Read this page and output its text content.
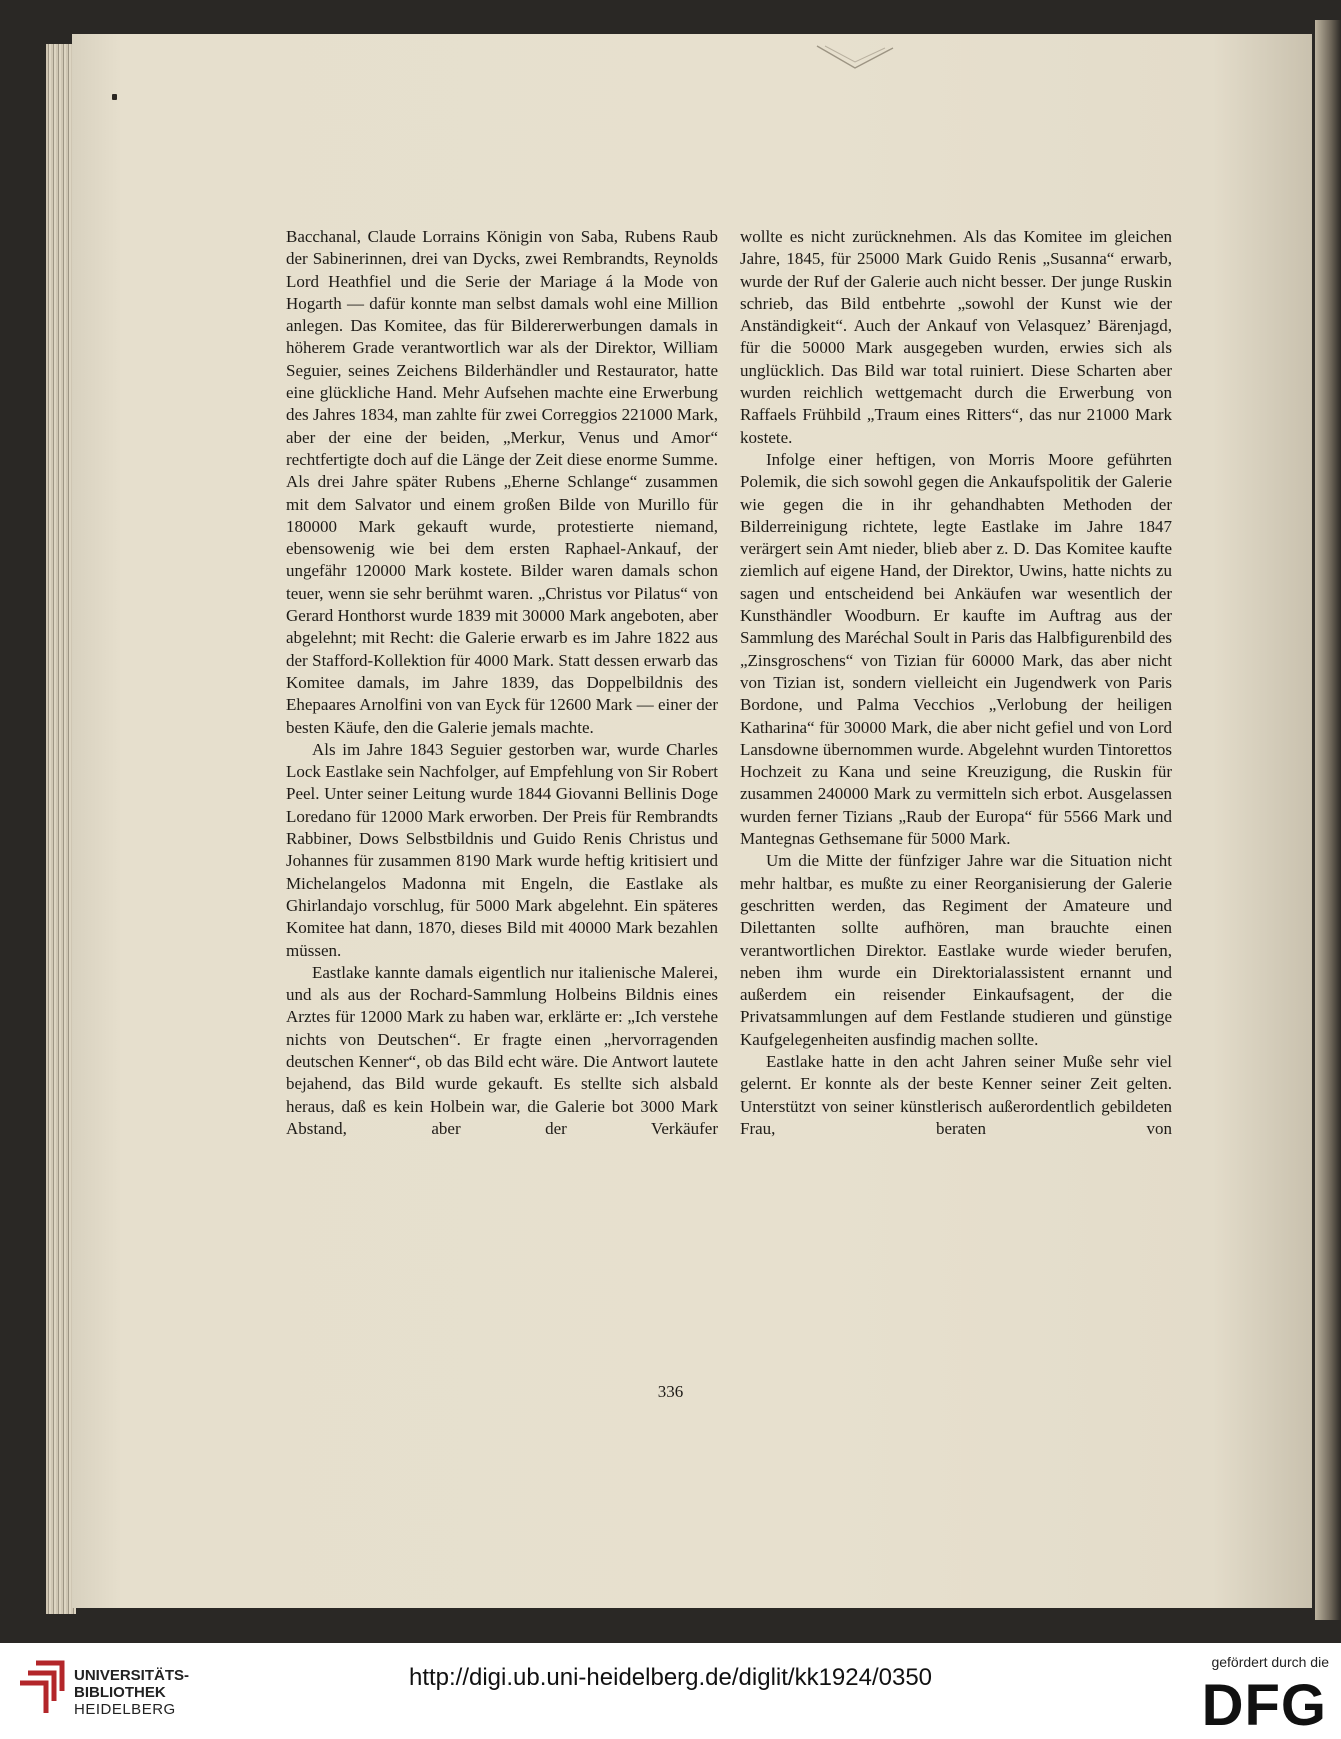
Bacchanal, Claude Lorrains Königin von Saba, Rubens Raub der Sabinerinnen, drei van Dycks, zwei Rembrandts, Reynolds Lord Heathfiel und die Serie der Mariage á la Mode von Hogarth — dafür konnte man selbst damals wohl eine Million anlegen. Das Komitee, das für Bildererwerbungen damals in höherem Grade verantwortlich war als der Direktor, William Seguier, seines Zeichens Bilderhändler und Restaurator, hatte eine glückliche Hand. Mehr Aufsehen machte eine Erwerbung des Jahres 1834, man zahlte für zwei Correggios 221000 Mark, aber der eine der beiden, „Merkur, Venus und Amor“ rechtfertigte doch auf die Länge der Zeit diese enorme Summe. Als drei Jahre später Rubens „Eherne Schlange“ zusammen mit dem Salvator und einem großen Bilde von Murillo für 180000 Mark gekauft wurde, protestierte niemand, ebensowenig wie bei dem ersten Raphael-Ankauf, der ungefähr 120000 Mark kostete. Bilder waren damals schon teuer, wenn sie sehr berühmt waren. „Christus vor Pilatus“ von Gerard Honthorst wurde 1839 mit 30000 Mark angeboten, aber abgelehnt; mit Recht: die Galerie erwarb es im Jahre 1822 aus der Stafford-Kollektion für 4000 Mark. Statt dessen erwarb das Komitee damals, im Jahre 1839, das Doppelbildnis des Ehepaares Arnolfini von van Eyck für 12600 Mark — einer der besten Käufe, den die Galerie jemals machte.

Als im Jahre 1843 Seguier gestorben war, wurde Charles Lock Eastlake sein Nachfolger, auf Empfehlung von Sir Robert Peel. Unter seiner Leitung wurde 1844 Giovanni Bellinis Doge Loredano für 12000 Mark erworben. Der Preis für Rembrandts Rabbiner, Dows Selbstbildnis und Guido Renis Christus und Johannes für zusammen 8190 Mark wurde heftig kritisiert und Michelangelos Madonna mit Engeln, die Eastlake als Ghirlandajo vorschlug, für 5000 Mark abgelehnt. Ein späteres Komitee hat dann, 1870, dieses Bild mit 40000 Mark bezahlen müssen.

Eastlake kannte damals eigentlich nur italienische Malerei, und als aus der Rochard-Sammlung Holbeins Bildnis eines Arztes für 12000 Mark zu haben war, erklärte er: „Ich verstehe nichts von Deutschen“. Er fragte einen „hervorragenden deutschen Kenner“, ob das Bild echt wäre. Die Antwort lautete bejahend, das Bild wurde gekauft. Es stellte sich alsbald heraus, daß es kein Holbein war, die Galerie bot 3000 Mark Abstand, aber der Verkäufer

wollte es nicht zurücknehmen. Als das Komitee im gleichen Jahre, 1845, für 25000 Mark Guido Renis „Susanna“ erwarb, wurde der Ruf der Galerie auch nicht besser. Der junge Ruskin schrieb, das Bild entbehrte „sowohl der Kunst wie der Anständigkeit“. Auch der Ankauf von Velasquez’ Bärenjagd, für die 50000 Mark ausgegeben wurden, erwies sich als unglücklich. Das Bild war total ruiniert. Diese Scharten aber wurden reichlich wettgemacht durch die Erwerbung von Raffaels Frühbild „Traum eines Ritters“, das nur 21000 Mark kostete.

Infolge einer heftigen, von Morris Moore geführten Polemik, die sich sowohl gegen die Ankaufspolitik der Galerie wie gegen die in ihr gehandhabten Methoden der Bilderreinigung richtete, legte Eastlake im Jahre 1847 verärgert sein Amt nieder, blieb aber z. D. Das Komitee kaufte ziemlich auf eigene Hand, der Direktor, Uwins, hatte nichts zu sagen und entscheidend bei Ankäufen war wesentlich der Kunsthändler Woodburn. Er kaufte im Auftrag aus der Sammlung des Maréchal Soult in Paris das Halbfigurenbild des „Zinsgroschens“ von Tizian für 60000 Mark, das aber nicht von Tizian ist, sondern vielleicht ein Jugendwerk von Paris Bordone, und Palma Vecchios „Verlobung der heiligen Katharina“ für 30000 Mark, die aber nicht gefiel und von Lord Lansdowne übernommen wurde. Abgelehnt wurden Tintorettos Hochzeit zu Kana und seine Kreuzigung, die Ruskin für zusammen 240000 Mark zu vermitteln sich erbot. Ausgelassen wurden ferner Tizians „Raub der Europa“ für 5566 Mark und Mantegnas Gethsemane für 5000 Mark.

Um die Mitte der fünfziger Jahre war die Situation nicht mehr haltbar, es mußte zu einer Reorganisierung der Galerie geschritten werden, das Regiment der Amateure und Dilettanten sollte aufhören, man brauchte einen verantwortlichen Direktor. Eastlake wurde wieder berufen, neben ihm wurde ein Direktorialassistent ernannt und außerdem ein reisender Einkaufsagent, der die Privatsammlungen auf dem Festlande studieren und günstige Kaufgelegenheiten ausfindig machen sollte.

Eastlake hatte in den acht Jahren seiner Muße sehr viel gelernt. Er konnte als der beste Kenner seiner Zeit gelten. Unterstützt von seiner künstlerisch außerordentlich gebildeten Frau, beraten von

336
UNIVERSITÄTS-
BIBLIOTHEK
HEIDELBERG
http://digi.ub.uni-heidelberg.de/diglit/kk1924/0350
gefördert durch die
DFG
